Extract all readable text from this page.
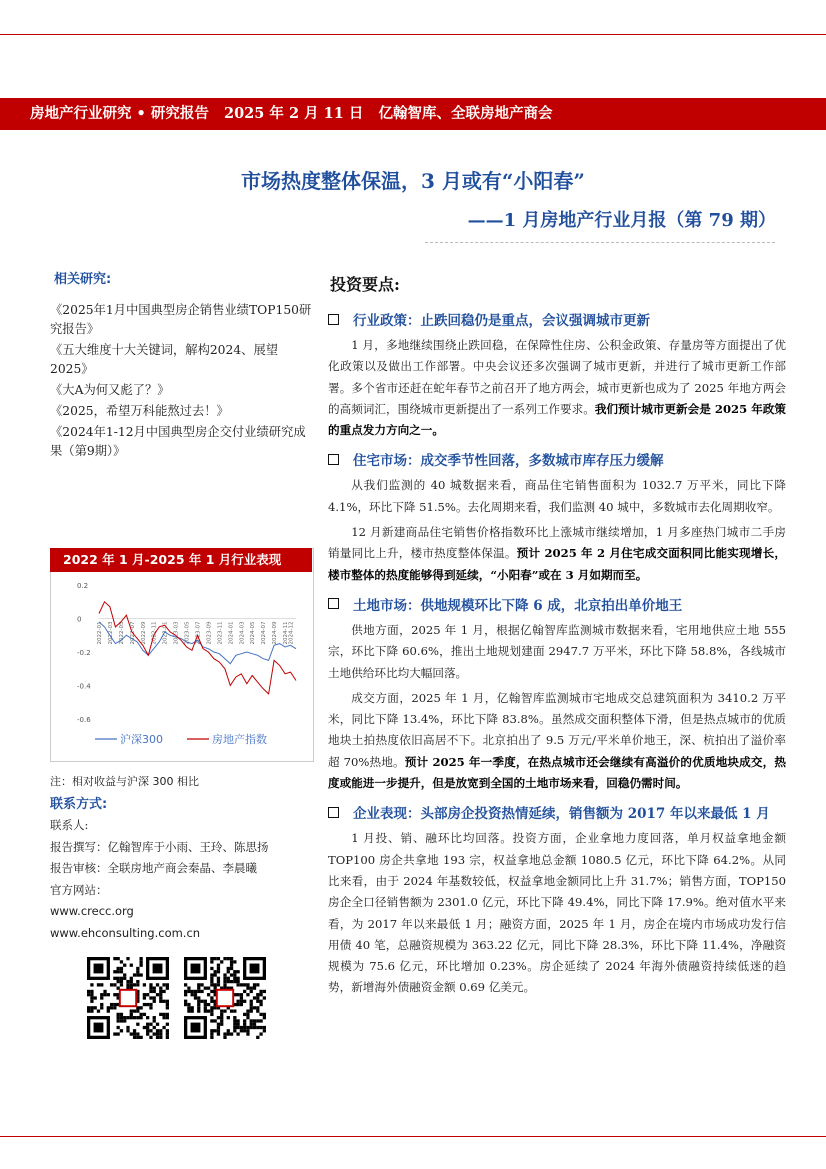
房地产行业研究 • 研究报告   2025 年 2 月 11 日   亿翰智库、全联房地产商会
市场热度整体保温，3 月或有“小阳春”
——1 月房地产行业月报（第 79 期）
相关研究:
《2025年1月中国典型房企销售业绩TOP150研究报告》
《五大维度十大关键词，解构2024、展望2025》
《大A为何又彪了？》
《2025，希望万科能熬过去！》
《2024年1-12月中国典型房企交付业绩研究成果（第9期）》
0.2
0
-0.2
-0.4
-0.6
2022-01 2022-03 2022-05 2022-07 2022-09 2022-11 2023-01 2023-03 2023-05 2023-07 2023-09 2023-11 2024-01 2024-03 2024-05 2024-07 2024-09 2024-11 2024-12
沪深300	房地产指数
2022 年 1 月-2025 年 1 月行业表现
注：相对收益与沪深 300 相比
联系方式:
联系人:
报告撰写：亿翰智库于小雨、王玲、陈思扬
报告审核：全联房地产商会秦晶、李晨曦
官方网站：
www.crecc.org
www.ehconsulting.com.cn
投资要点:
行业政策：止跌回稳仍是重点，会议强调城市更新

1 月，多地继续围绕止跌回稳，在保障性住房、公积金政策、存量房等方面提出了优化政策以及做出工作部署。中央会议还多次强调了城市更新，并进行了城市更新工作部署。多个省市还赶在蛇年春节之前召开了地方两会，城市更新也成为了 2025 年地方两会的高频词汇，围绕城市更新提出了一系列工作要求。我们预计城市更新会是 2025 年政策的重点发力方向之一。

住宅市场：成交季节性回落，多数城市库存压力缓解

从我们监测的 40 城数据来看，商品住宅销售面积为 1032.7 万平米，同比下降 4.1%，环比下降 51.5%。去化周期来看，我们监测 40 城中，多数城市去化周期收窄。

12 月新建商品住宅销售价格指数环比上涨城市继续增加，1 月多座热门城市二手房销量同比上升，楼市热度整体保温。预计 2025 年 2 月住宅成交面积同比能实现增长，楼市整体的热度能够得到延续，“小阳春”或在 3 月如期而至。

土地市场：供地规模环比下降 6 成，北京拍出单价地王

供地方面，2025 年 1 月，根据亿翰智库监测城市数据来看，宅用地供应土地 555 宗，环比下降 60.6%，推出土地规划建面 2947.7 万平米，环比下降 58.8%，各线城市土地供给环比均大幅回落。

成交方面，2025 年 1 月，亿翰智库监测城市宅地成交总建筑面积为 3410.2 万平米，同比下降 13.4%，环比下降 83.8%。虽然成交面积整体下滑，但是热点城市的优质地块土拍热度依旧高居不下。北京拍出了 9.5 万元/平米单价地王，深、杭拍出了溢价率超 70%热地。预计 2025 年一季度，在热点城市还会继续有高溢价的优质地块成交，热度或能进一步提升，但是放宽到全国的土地市场来看，回稳仍需时间。

企业表现：头部房企投资热情延续，销售额为 2017 年以来最低 1 月

1 月投、销、融环比均回落。投资方面，企业拿地力度回落，单月权益拿地金额 TOP100 房企共拿地 193 宗，权益拿地总金额 1080.5 亿元，环比下降 64.2%。从同比来看，由于 2024 年基数较低，权益拿地金额同比上升 31.7%；销售方面，TOP150 房企全口径销售额为 2301.0 亿元，环比下降 49.4%，同比下降 17.9%。绝对值水平来看，为 2017 年以来最低 1 月；融资方面，2025 年 1 月，房企在境内市场成功发行信用债 40 笔，总融资规模为 363.22 亿元，同比下降 28.3%，环比下降 11.4%，净融资规模为 75.6 亿元，环比增加 0.23%。房企延续了 2024 年海外债融资持续低迷的趋势，新增海外债融资金额 0.69 亿美元。
